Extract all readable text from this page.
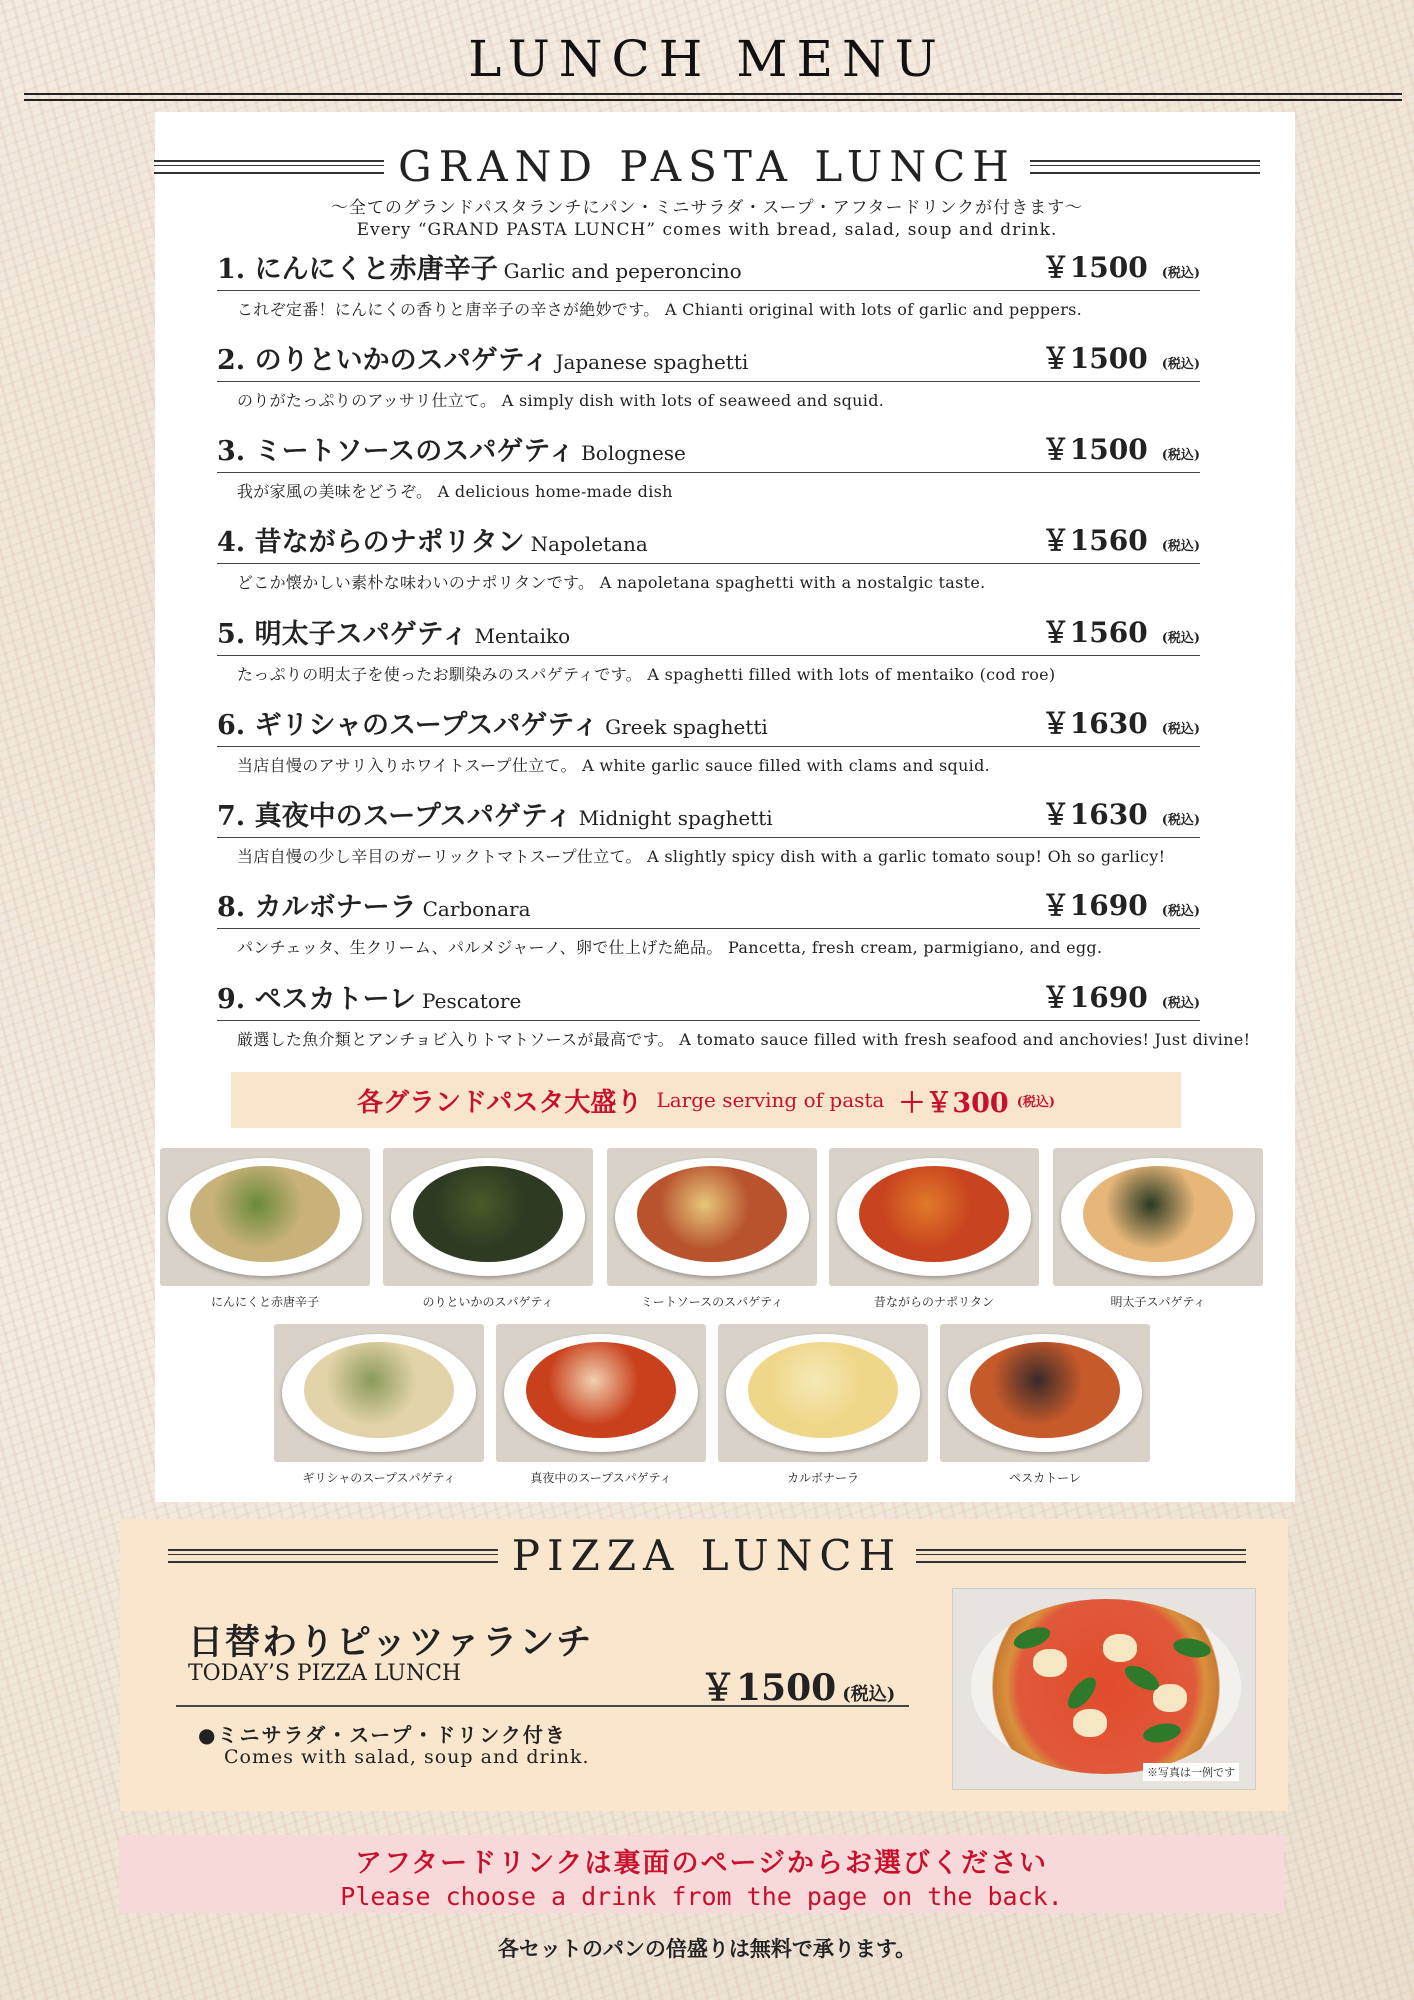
LUNCH MENU
GRAND PASTA LUNCH
～全てのグランドパスタランチにパン・ミニサラダ・スープ・アフタードリンクが付きます～
Every “GRAND PASTA LUNCH” comes with bread, salad, soup and drink.
1. にんにくと赤唐辛子 Garlic and peperoncino	￥1500 (税込)
これぞ定番！にんにくの香りと唐辛子の辛さが絶妙です。 A Chianti original with lots of garlic and peppers.
2. のりといかのスパゲティ Japanese spaghetti	￥1500 (税込)
のりがたっぷりのアッサリ仕立て。 A simply dish with lots of seaweed and squid.
3. ミートソースのスパゲティ Bolognese	￥1500 (税込)
我が家風の美味をどうぞ。 A delicious home-made dish
4. 昔ながらのナポリタン Napoletana	￥1560 (税込)
どこか懐かしい素朴な味わいのナポリタンです。 A napoletana spaghetti with a nostalgic taste.
5. 明太子スパゲティ Mentaiko	￥1560 (税込)
たっぷりの明太子を使ったお馴染みのスパゲティです。 A spaghetti filled with lots of mentaiko (cod roe)
6. ギリシャのスープスパゲティ Greek spaghetti	￥1630 (税込)
当店自慢のアサリ入りホワイトスープ仕立て。 A white garlic sauce filled with clams and squid.
7. 真夜中のスープスパゲティ Midnight spaghetti	￥1630 (税込)
当店自慢の少し辛目のガーリックトマトスープ仕立て。 A slightly spicy dish with a garlic tomato soup! Oh so garlicy!
8. カルボナーラ Carbonara	￥1690 (税込)
パンチェッタ、生クリーム、パルメジャーノ、卵で仕上げた絶品。 Pancetta, fresh cream, parmigiano, and egg.
9. ペスカトーレ Pescatore	￥1690 (税込)
厳選した魚介類とアンチョビ入りトマトソースが最高です。 A tomato sauce filled with fresh seafood and anchovies! Just divine!
各グランドパスタ大盛り Large serving of pasta ＋￥300 (税込)
にんにくと赤唐辛子	のりといかのスパゲティ	ミートソースのスパゲティ	昔ながらのナポリタン	明太子スパゲティ
ギリシャのスープスパゲティ	真夜中のスープスパゲティ	カルボナーラ	ペスカトーレ
PIZZA LUNCH
日替わりピッツァランチ
TODAY’S PIZZA LUNCH	￥1500 (税込)
●ミニサラダ・スープ・ドリンク付き
Comes with salad, soup and drink.
※写真は一例です
アフタードリンクは裏面のページからお選びください
Please choose a drink from the page on the back.
各セットのパンの倍盛りは無料で承ります。
